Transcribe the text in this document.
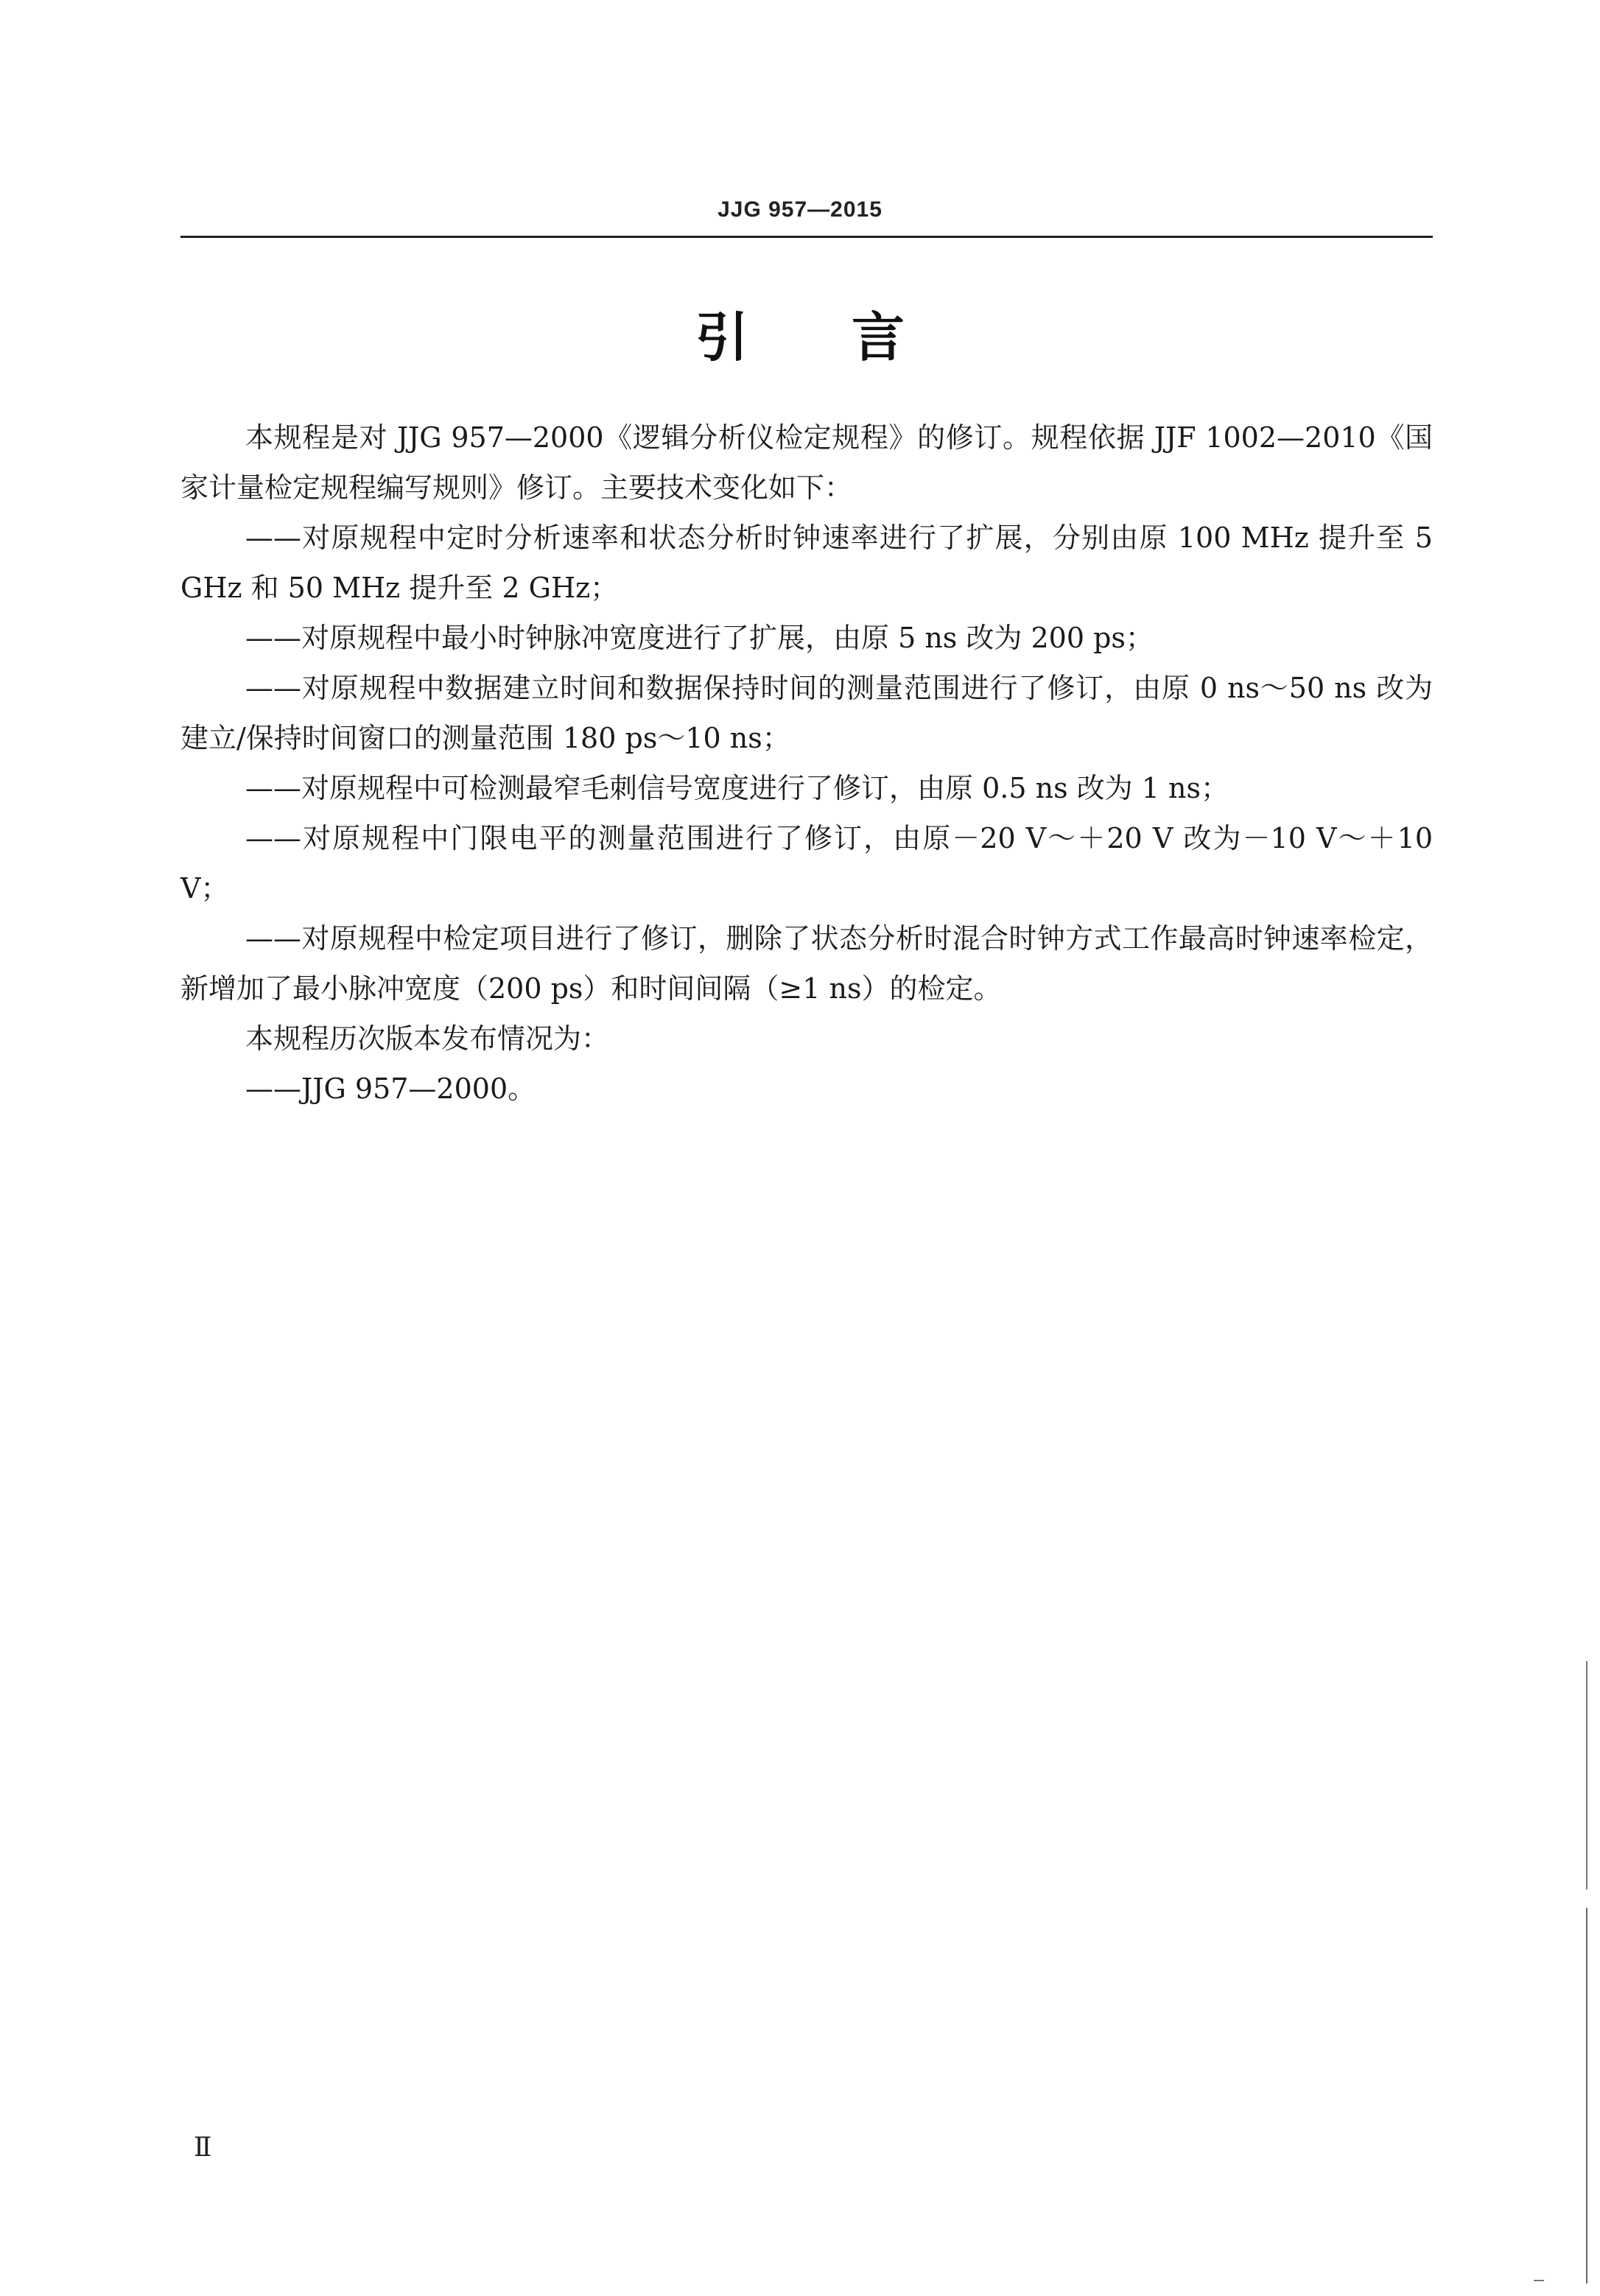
JJG 957—2015
引言

本规程是对 JJG 957—2000《逻辑分析仪检定规程》的修订。规程依据 JJF 1002—2010《国家计量检定规程编写规则》修订。主要技术变化如下：

——对原规程中定时分析速率和状态分析时钟速率进行了扩展，分别由原 100 MHz 提升至 5 GHz 和 50 MHz 提升至 2 GHz；

——对原规程中最小时钟脉冲宽度进行了扩展，由原 5 ns 改为 200 ps；

——对原规程中数据建立时间和数据保持时间的测量范围进行了修订，由原 0 ns～50 ns 改为建立/保持时间窗口的测量范围 180 ps～10 ns；

——对原规程中可检测最窄毛刺信号宽度进行了修订，由原 0.5 ns 改为 1 ns；

——对原规程中门限电平的测量范围进行了修订，由原－20 V～＋20 V 改为－10 V～＋10 V；

——对原规程中检定项目进行了修订，删除了状态分析时混合时钟方式工作最高时钟速率检定，新增加了最小脉冲宽度（200 ps）和时间间隔（≥1 ns）的检定。

本规程历次版本发布情况为：

——JJG 957—2000。

Ⅱ
